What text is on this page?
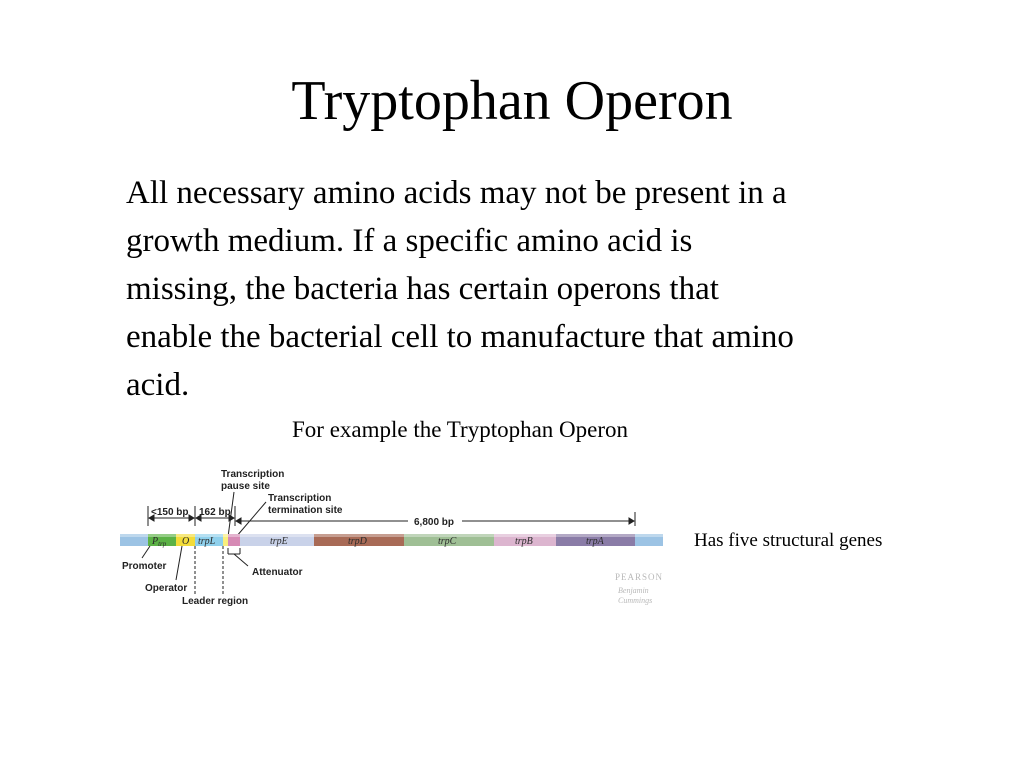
Tryptophan Operon
All necessary amino acids may not be present in a
growth medium. If a specific amino acid is
missing, the bacteria has certain operons that
enable the bacterial cell to manufacture that amino
acid.
For example the Tryptophan Operon
Has five structural genes
Transcription
pause site
Transcription
termination site
<150 bp 162 bp
6,800 bp
$P_{trp}$ O trpL	trpE	trpD	trpC	trpB	trpA
Promoter
Operator
Leader region
Attenuator	PEARSON
Benjamin
Cummings
